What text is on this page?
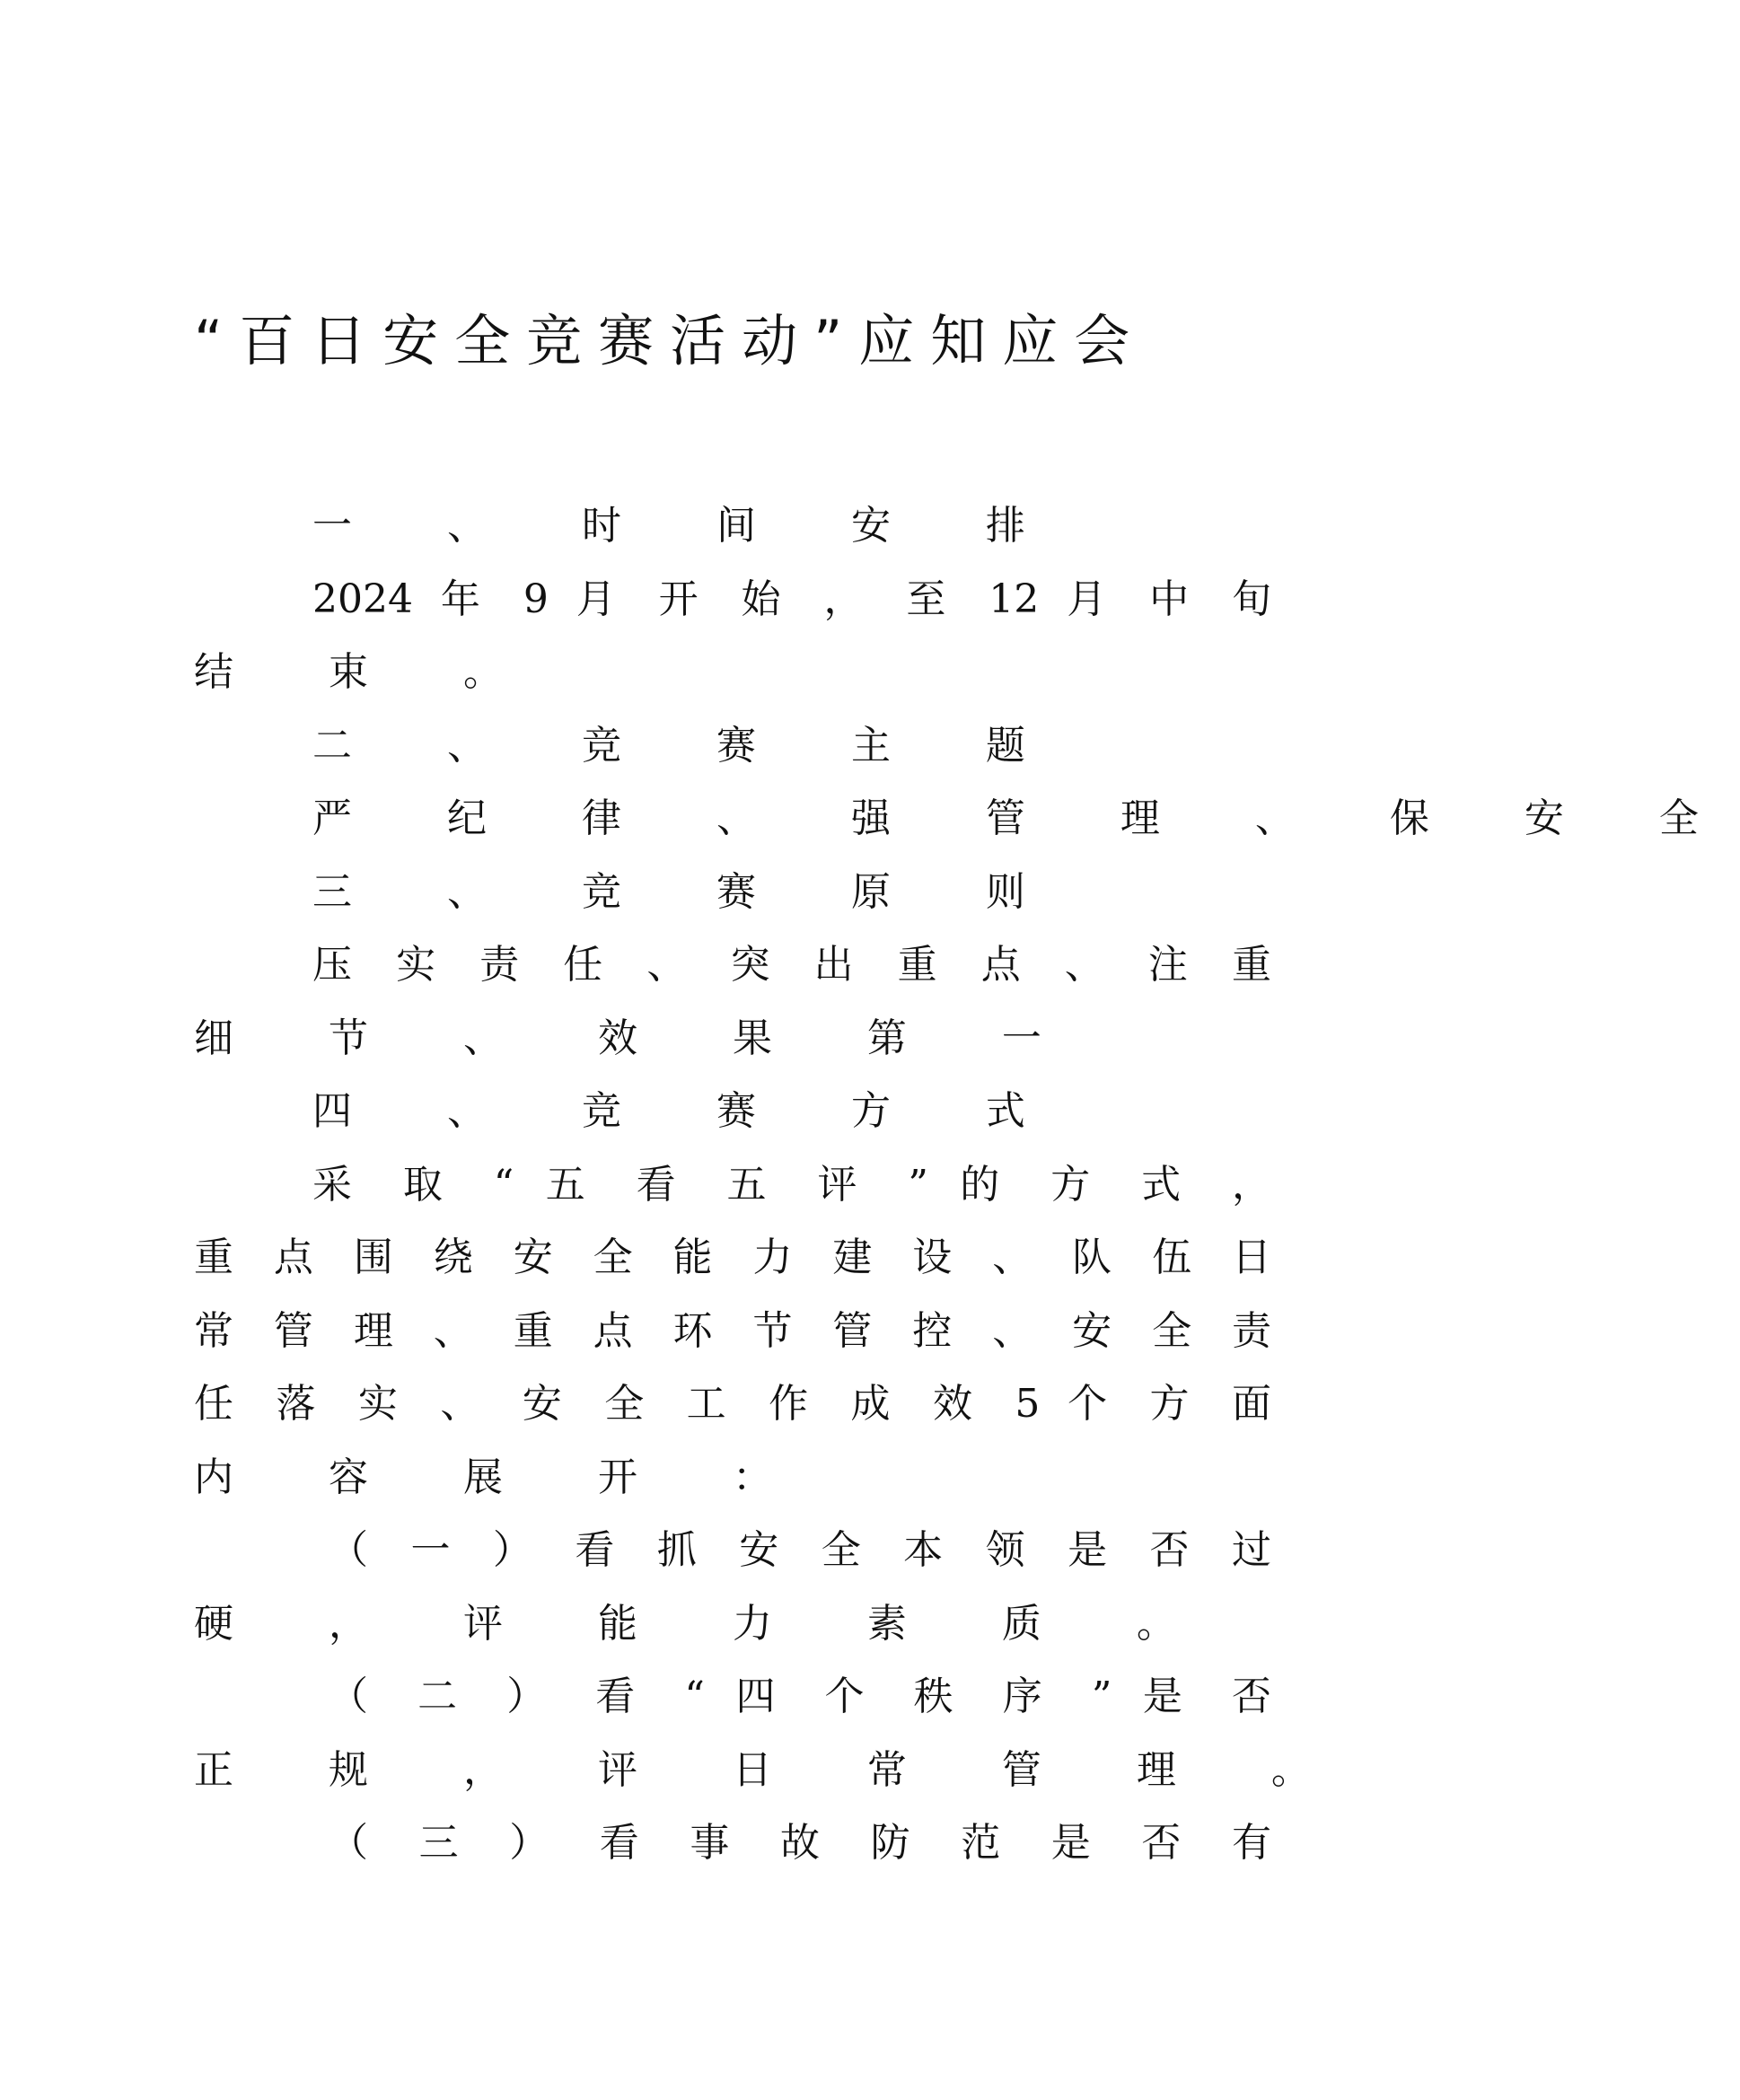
“百日安全竞赛活动”应知应会
一 、 时 间 安 排
2024 年 9 月 开 始 ， 至 12 月 中 旬
结 束 。
二 、 竞 赛 主 题
严 纪 律 、 强 管 理 、 保 安 全
三 、 竞 赛 原 则
压 实 责 任 、 突 出 重 点 、 注 重
细 节 、 效 果 第 一
四 、 竞 赛 方 式
采 取 “ 五 看 五 评 ” 的 方 式 ，
重 点 围 绕 安 全 能 力 建 设 、 队 伍 日
常 管 理 、 重 点 环 节 管 控 、 安 全 责
任 落 实 、 安 全 工 作 成 效 5 个 方 面
内 容 展 开 ：
（ 一 ） 看 抓 安 全 本 领 是 否 过
硬 ， 评 能 力 素 质 。
（ 二 ） 看 “ 四 个 秩 序 ” 是 否
正 规 ， 评 日 常 管 理 。
（ 三 ） 看 事 故 防 范 是 否 有
